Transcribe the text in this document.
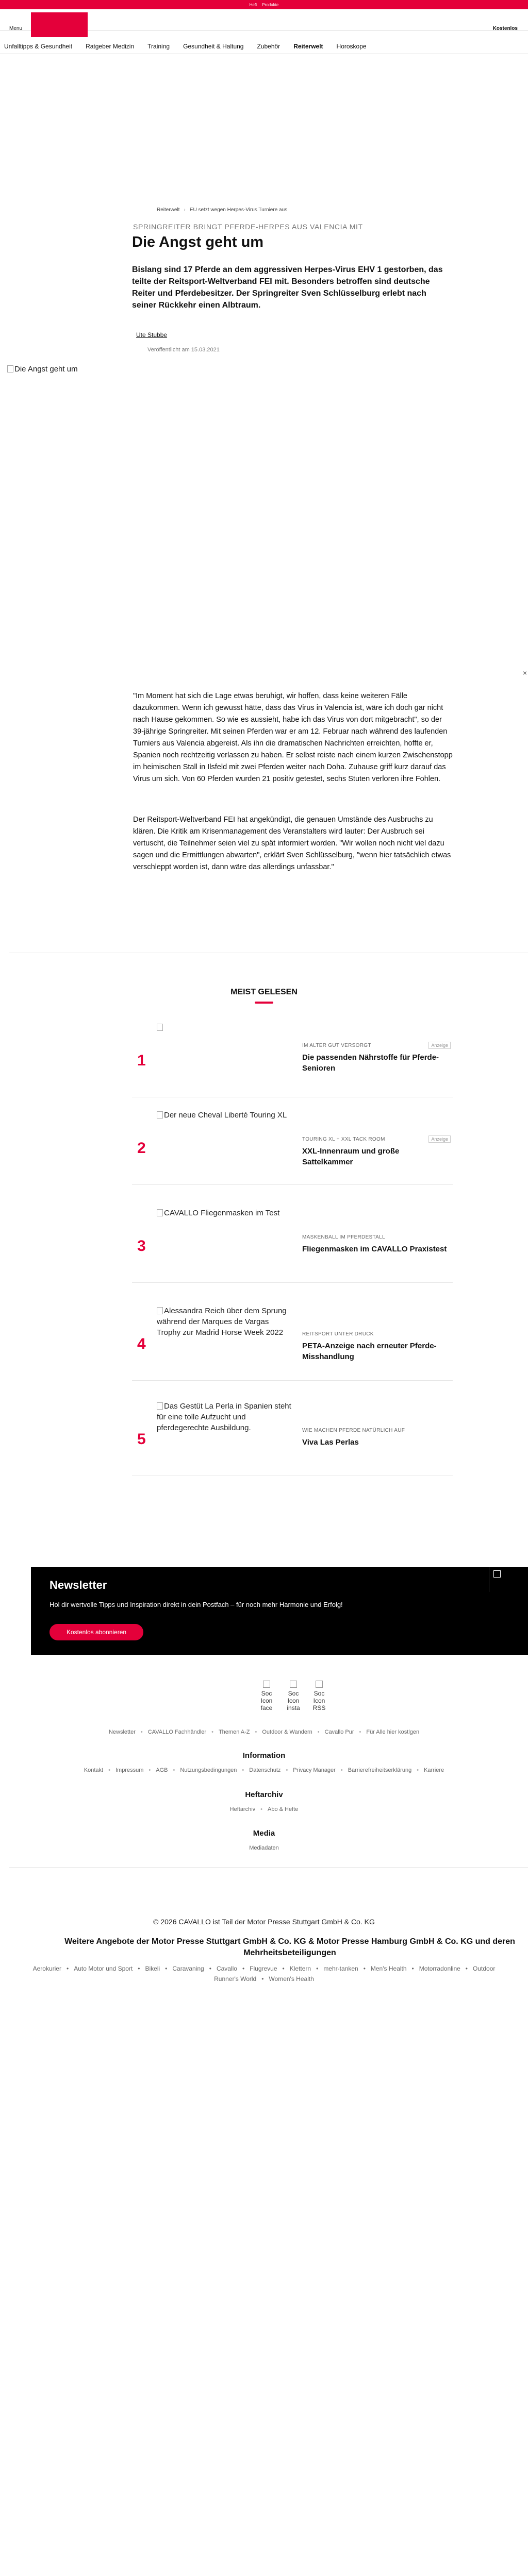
Heft Produkte
Menu	Kostenlos
Unfalltipps & Gesundheit Ratgeber Medizin Training Gesundheit & Haltung Zubehör Reiterwelt Horoskope
Reiterwelt › EU setzt wegen Herpes-Virus Turniere aus
SPRINGREITER BRINGT PFERDE-HERPES AUS VALENCIA MIT
Die Angst geht um

Bislang sind 17 Pferde an dem aggressiven Herpes-Virus EHV 1 gestorben, das teilte der Reitsport-Weltverband FEI mit. Besonders betroffen sind deutsche Reiter und Pferdebesitzer. Der Springreiter Sven Schlüsselburg erlebt nach seiner Rückkehr einen Albtraum.

Ute Stubbe
Veröffentlicht am 15.03.2021
Die Angst geht um
×

"Im Moment hat sich die Lage etwas beruhigt, wir hoffen, dass keine weiteren Fälle dazukommen. Wenn ich gewusst hätte, dass das Virus in Valencia ist, wäre ich doch gar nicht nach Hause gekommen. So wie es aussieht, habe ich das Virus von dort mitgebracht", so der 39-jährige Springreiter. Mit seinen Pferden war er am 12. Februar nach während des laufenden Turniers aus Valencia abgereist. Als ihn die dramatischen Nachrichten erreichten, hoffte er, Spanien noch rechtzeitig verlassen zu haben. Er selbst reiste nach einem kurzen Zwischenstopp im heimischen Stall in Ilsfeld mit zwei Pferden weiter nach Doha. Zuhause griff kurz darauf das Virus um sich. Von 60 Pferden wurden 21 positiv getestet, sechs Stuten verloren ihre Fohlen.

Der Reitsport-Weltverband FEI hat angekündigt, die genauen Umstände des Ausbruchs zu klären. Die Kritik am Krisenmanagement des Veranstalters wird lauter: Der Ausbruch sei vertuscht, die Teilnehmer seien viel zu spät informiert worden. "Wir wollen noch nicht viel dazu sagen und die Ermittlungen abwarten", erklärt Sven Schlüsselburg, "wenn hier tatsächlich etwas verschleppt worden ist, dann wäre das allerdings unfassbar."

MEIST GELESEN
1
IM ALTER GUT VERSORGT	Anzeige
Die passenden Nährstoffe für Pferde-Senioren
2
Der neue Cheval Liberté Touring XL
TOURING XL + XXL TACK ROOM	Anzeige
XXL-Innenraum und große Sattelkammer
3
CAVALLO Fliegenmasken im Test
MASKENBALL IM PFERDESTALL
Fliegenmasken im CAVALLO Praxistest
4
Alessandra Reich über dem Sprung während der Marques de Vargas Trophy zur Madrid Horse Week 2022	REITSPORT UNTER DRUCK
PETA-Anzeige nach erneuter Pferde-Misshandlung
5
Das Gestüt La Perla in Spanien steht für eine tolle Aufzucht und pferdegerechte Ausbildung.	WIE MACHEN PFERDE NATÜRLICH AUF
Viva Las Perlas
Newsletter
Hol dir wertvolle Tipps und Inspiration direkt in dein Postfach – für noch mehr Harmonie und Erfolg!
Kostenlos abonnieren
Soc Icon face
Soc Icon insta
Soc Icon RSS
Newsletter • CAVALLO Fachhändler • Themen A-Z • Outdoor & Wandern • Cavallo Pur • Für Alle hier kostlgen
Information
Kontakt • Impressum • AGB • Nutzungsbedingungen • Datenschutz • Privacy Manager • Barrierefreiheitserklärung • Karriere
Heftarchiv
Heftarchiv • Abo & Hefte
Media
Mediadaten
© 2026 CAVALLO ist Teil der Motor Presse Stuttgart GmbH & Co. KG
Weitere Angebote der Motor Presse Stuttgart GmbH & Co. KG & Motor Presse Hamburg GmbH & Co. KG und deren Mehrheitsbeteiligungen
Aerokurier • Auto Motor und Sport • Bikeli • Caravaning • Cavallo • Flugrevue • Klettern • mehr-tanken • Men's Health • Motorradonline • Outdoor
Runner's World • Women's Health
